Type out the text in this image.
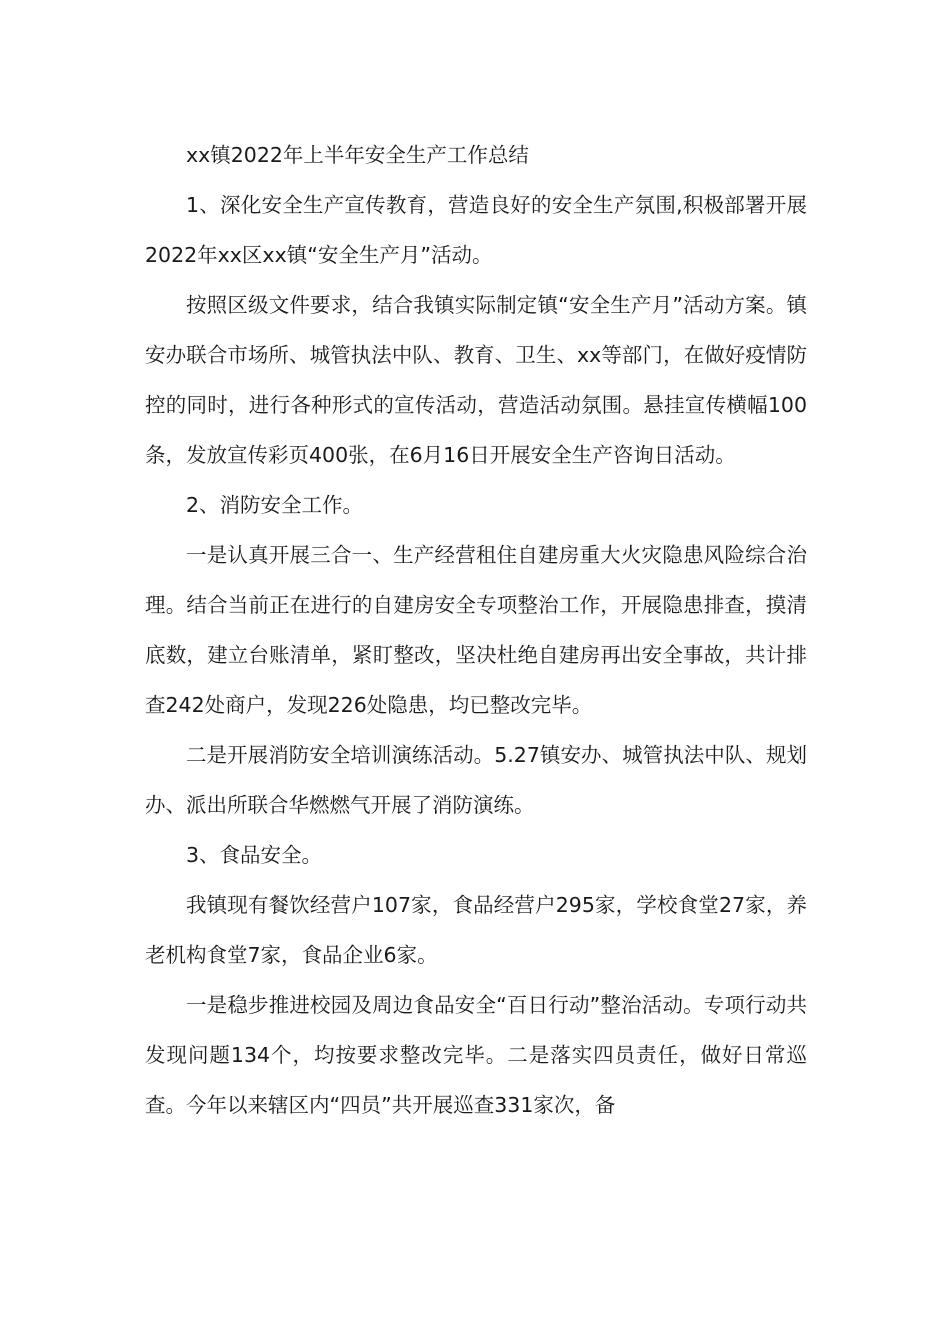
xx镇2022年上半年安全生产工作总结

1、深化安全生产宣传教育，营造良好的安全生产氛围,积极部署开展2022年xx区xx镇“安全生产月”活动。

按照区级文件要求，结合我镇实际制定镇“安全生产月”活动方案。镇安办联合市场所、城管执法中队、教育、卫生、xx等部门，在做好疫情防控的同时，进行各种形式的宣传活动，营造活动氛围。悬挂宣传横幅100条，发放宣传彩页400张，在6月16日开展安全生产咨询日活动。

2、消防安全工作。

一是认真开展三合一、生产经营租住自建房重大火灾隐患风险综合治理。结合当前正在进行的自建房安全专项整治工作，开展隐患排查，摸清底数，建立台账清单，紧盯整改，坚决杜绝自建房再出安全事故，共计排查242处商户，发现226处隐患，均已整改完毕。

二是开展消防安全培训演练活动。5.27镇安办、城管执法中队、规划办、派出所联合华燃燃气开展了消防演练。

3、食品安全。

我镇现有餐饮经营户107家，食品经营户295家，学校食堂27家，养老机构食堂7家，食品企业6家。

一是稳步推进校园及周边食品安全“百日行动”整治活动。专项行动共发现问题134个，均按要求整改完毕。二是落实四员责任，做好日常巡查。今年以来辖区内“四员”共开展巡查331家次，备
